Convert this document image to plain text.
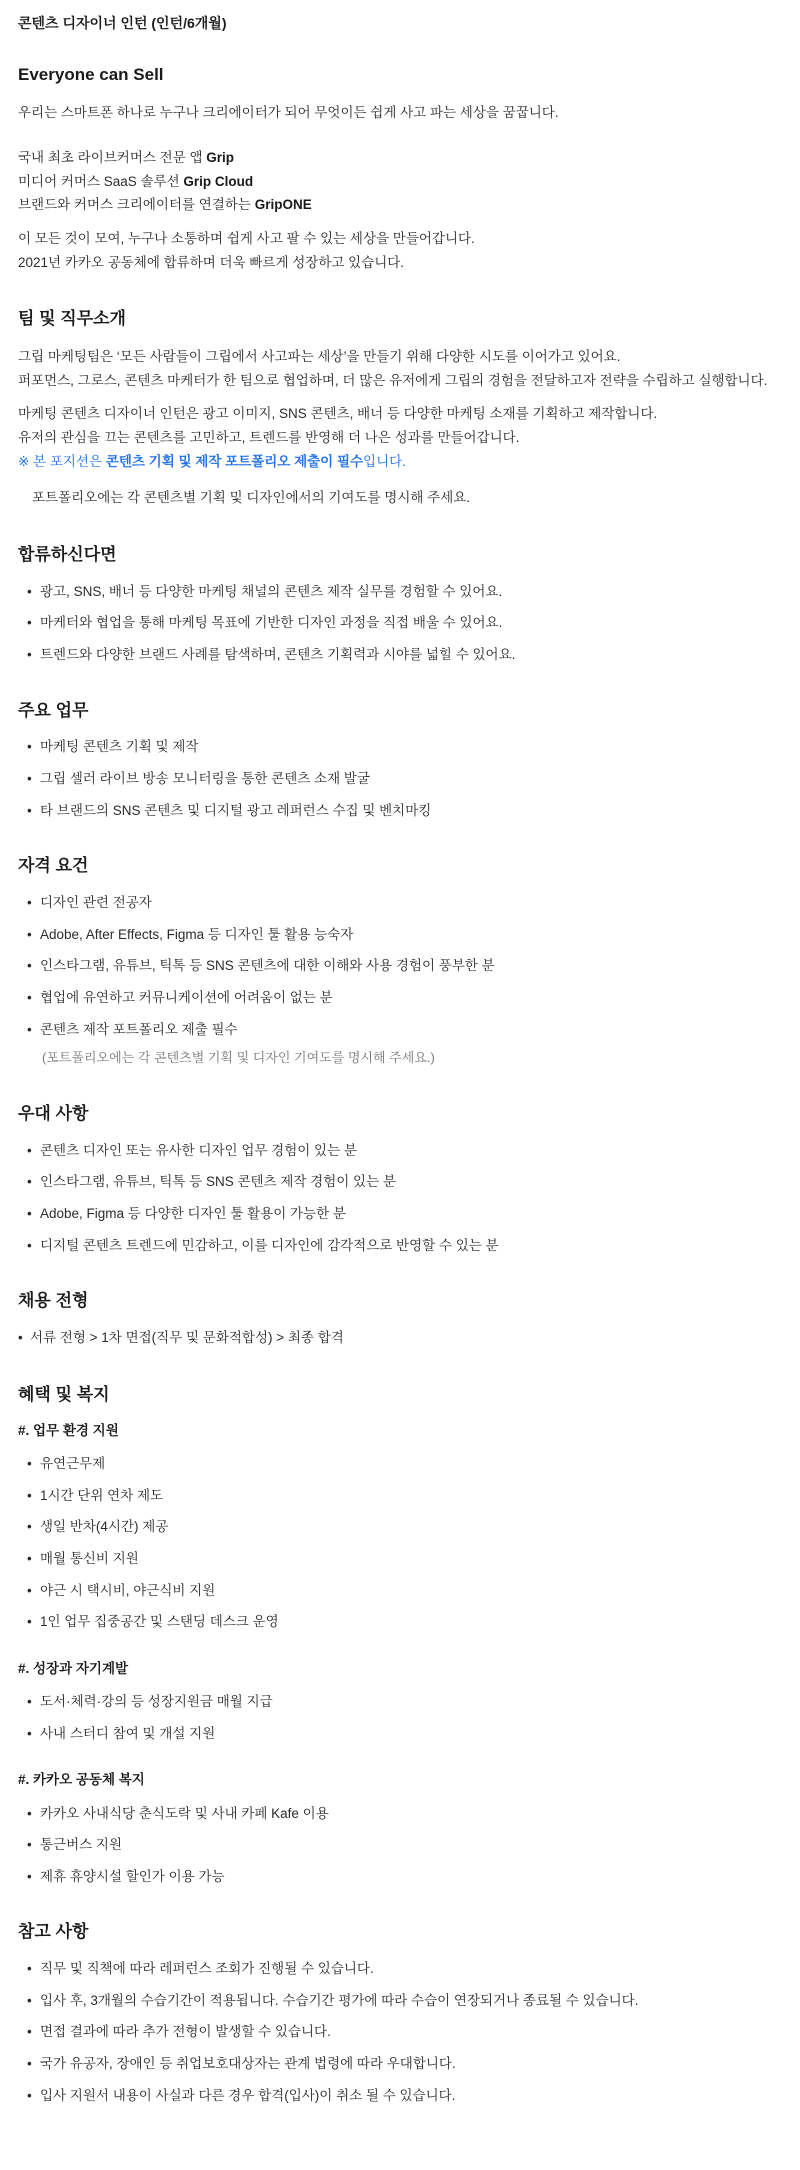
콘텐츠 디자이너 인턴 (인턴/6개월)
Everyone can Sell

우리는 스마트폰 하나로 누구나 크리에이터가 되어 무엇이든 쉽게 사고 파는 세상을 꿈꿉니다.

국내 최초 라이브커머스 전문 앱 Grip

미디어 커머스 SaaS 솔루션 Grip Cloud

브랜드와 커머스 크리에이터를 연결하는 GripONE

이 모든 것이 모여, 누구나 소통하며 쉽게 사고 팔 수 있는 세상을 만들어갑니다.

2021년 카카오 공동체에 합류하며 더욱 빠르게 성장하고 있습니다.

팀 및 직무소개

그립 마케팅팀은 ‘모든 사람들이 그립에서 사고파는 세상’을 만들기 위해 다양한 시도를 이어가고 있어요.

퍼포먼스, 그로스, 콘텐츠 마케터가 한 팀으로 협업하며, 더 많은 유저에게 그립의 경험을 전달하고자 전략을 수립하고 실행합니다.

마케팅 콘텐츠 디자이너 인턴은 광고 이미지, SNS 콘텐츠, 배너 등 다양한 마케팅 소재를 기획하고 제작합니다.

유저의 관심을 끄는 콘텐츠를 고민하고, 트렌드를 반영해 더 나은 성과를 만들어갑니다.

※ 본 포지션은 콘텐츠 기획 및 제작 포트폴리오 제출이 필수입니다.

포트폴리오에는 각 콘텐츠별 기획 및 디자인에서의 기여도를 명시해 주세요.

합류하신다면
• 광고, SNS, 배너 등 다양한 마케팅 채널의 콘텐츠 제작 실무를 경험할 수 있어요.
• 마케터와 협업을 통해 마케팅 목표에 기반한 디자인 과정을 직접 배울 수 있어요.
• 트렌드와 다양한 브랜드 사례를 탐색하며, 콘텐츠 기획력과 시야를 넓힐 수 있어요.
주요 업무
• 마케팅 콘텐츠 기획 및 제작
• 그립 셀러 라이브 방송 모니터링을 통한 콘텐츠 소재 발굴
• 타 브랜드의 SNS 콘텐츠 및 디지털 광고 레퍼런스 수집 및 벤치마킹
자격 요건
• 디자인 관련 전공자
• Adobe, After Effects, Figma 등 디자인 툴 활용 능숙자
• 인스타그램, 유튜브, 틱톡 등 SNS 콘텐츠에 대한 이해와 사용 경험이 풍부한 분
• 협업에 유연하고 커뮤니케이션에 어려움이 없는 분
• 콘텐츠 제작 포트폴리오 제출 필수

(포트폴리오에는 각 콘텐츠별 기획 및 디자인 기여도를 명시해 주세요.)

우대 사항
• 콘텐츠 디자인 또는 유사한 디자인 업무 경험이 있는 분
• 인스타그램, 유튜브, 틱톡 등 SNS 콘텐츠 제작 경험이 있는 분
• Adobe, Figma 등 다양한 디자인 툴 활용이 가능한 분
• 디지털 콘텐츠 트렌드에 민감하고, 이를 디자인에 감각적으로 반영할 수 있는 분
채용 전형

• 서류 전형 > 1차 면접(직무 및 문화적합성) > 최종 합격

혜택 및 복지
#. 업무 환경 지원
• 유연근무제
• 1시간 단위 연차 제도
• 생일 반차(4시간) 제공
• 매월 통신비 지원
• 야근 시 택시비, 야근식비 지원
• 1인 업무 집중공간 및 스탠딩 데스크 운영
#. 성장과 자기계발
• 도서·체력·강의 등 성장지원금 매월 지급
• 사내 스터디 참여 및 개설 지원
#. 카카오 공동체 복지
• 카카오 사내식당 춘식도락 및 사내 카페 Kafe 이용
• 통근버스 지원
• 제휴 휴양시설 할인가 이용 가능
참고 사항
• 직무 및 직책에 따라 레퍼런스 조회가 진행될 수 있습니다.
• 입사 후, 3개월의 수습기간이 적용됩니다. 수습기간 평가에 따라 수습이 연장되거나 종료될 수 있습니다.
• 면접 결과에 따라 추가 전형이 발생할 수 있습니다.
• 국가 유공자, 장애인 등 취업보호대상자는 관계 법령에 따라 우대합니다.
• 입사 지원서 내용이 사실과 다른 경우 합격(입사)이 취소 될 수 있습니다.
